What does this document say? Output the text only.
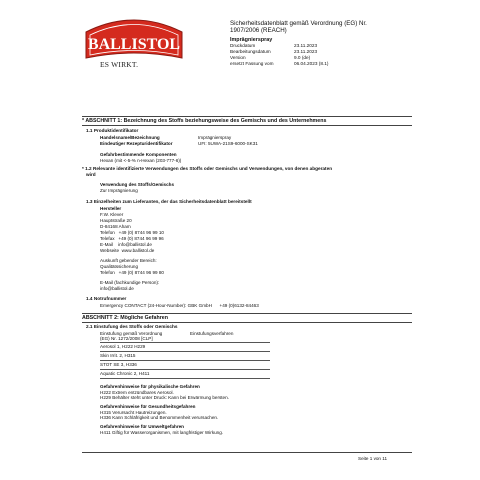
BALLISTOL
ES WIRKT.
Sicherheitsdatenblatt gemäß Verordnung (EG) Nr.
1907/2006 (REACH)
Imprägnierspray
Druckdatum	23.11.2023
Bearbeitungsdatum	23.11.2023
Version	9.0 (de)
ersetzt Fassung vom	06.04.2023 (8.1)
* ABSCHNITT 1: Bezeichnung des Stoffs beziehungsweise des Gemischs und des Unternehmens
1.1 Produktidentifikator
Handelsname/Bezeichnung	Imprägnierspray
Eindeutiger Rezepturidentifikator	UFI: 5UWA-21S9-6000-SK31
Gefahrbestimmende Komponenten
Hexan (mit <-5-% n-Hexan (203-777-6))
* 1.2 Relevante identifizierte Verwendungen des Stoffs oder Gemischs und Verwendungen, von denen abgeraten
wird
Verwendung des Stoffs/Gemischs
Zur Imprägnierung
1.3 Einzelheiten zum Lieferanten, der das Sicherheitsdatenblatt bereitstellt
Hersteller
F.W. Klever
Hauptstraße 20
D-84168 Aham
Telefon   +49 (0) 8744 96 99 10
Telefax   +49 (0) 8744 96 99 96
E-Mail    info@ballistol.de
Webseite  www.ballistol.de
Auskunft gebender Bereich:
Qualitätssicherung
Telefon   +49 (0) 8744 96 99 80
E-Mail (fachkundige Person):
info@ballistol.de
1.4 Notrufnummer
Emergency CONTACT (24-Hour-Number): GBK GmbH      +49 (0)6132-84463
ABSCHNITT 2: Mögliche Gefahren
2.1 Einstufung des Stoffs oder Gemischs
Einstufung gemäß Verordnung
(EG) Nr. 1272/2008 [CLP]
Einstufungsverfahren
Aerosol 1, H222 H229
Skin Irrit. 2, H315
STOT SE 3, H336
Aquatic Chronic 2, H411
Gefahrenhinweise für physikalische Gefahren
H222 Extrem entzündbares Aerosol.
H229 Behälter steht unter Druck: Kann bei Erwärmung bersten.
Gefahrenhinweise für Gesundheitsgefahren
H315 Verursacht Hautreizungen.
H336 Kann Schläfrigkeit und Benommenheit verursachen.
Gefahrenhinweise für Umweltgefahren
H411 Giftig für Wasserorganismen, mit langfristiger Wirkung.
Seite 1 von 11
